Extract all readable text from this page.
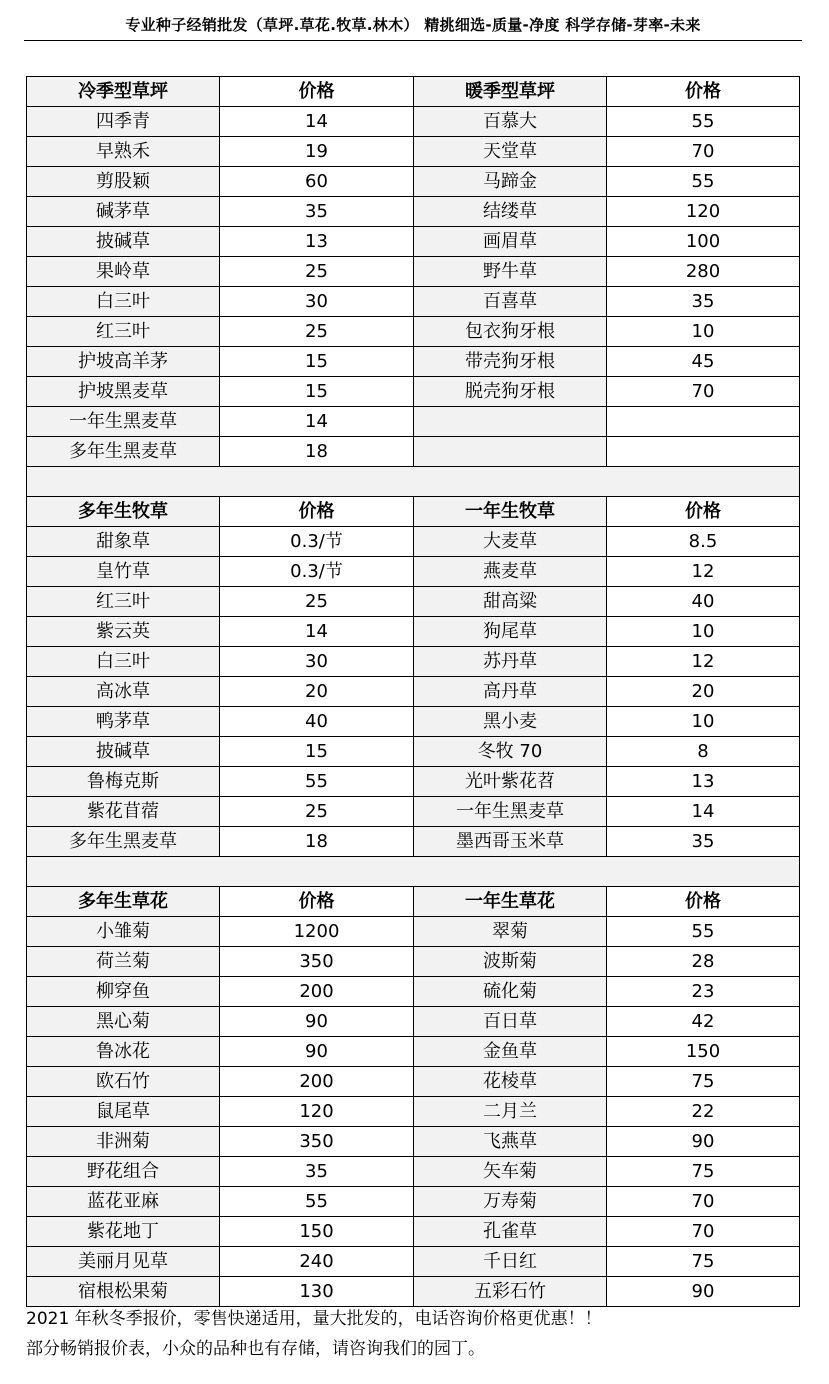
专业种子经销批发（草坪.草花.牧草.林木） 精挑细选-质量-净度 科学存储-芽率-未来
冷季型草坪	价格	暖季型草坪	价格
四季青	14	百慕大	55
早熟禾	19	天堂草	70
剪股颖	60	马蹄金	55
碱茅草	35	结缕草	120
披碱草	13	画眉草	100
果岭草	25	野牛草	280
白三叶	30	百喜草	35
红三叶	25	包衣狗牙根	10
护坡高羊茅	15	带壳狗牙根	45
护坡黑麦草	15	脱壳狗牙根	70
一年生黑麦草	14		
多年生黑麦草	18		

多年生牧草	价格	一年生牧草	价格
甜象草	0.3/节	大麦草	8.5
皇竹草	0.3/节	燕麦草	12
红三叶	25	甜高粱	40
紫云英	14	狗尾草	10
白三叶	30	苏丹草	12
高冰草	20	高丹草	20
鸭茅草	40	黑小麦	10
披碱草	15	冬牧 70	8
鲁梅克斯	55	光叶紫花苕	13
紫花苜蓿	25	一年生黑麦草	14
多年生黑麦草	18	墨西哥玉米草	35

多年生草花	价格	一年生草花	价格
小雏菊	1200	翠菊	55
荷兰菊	350	波斯菊	28
柳穿鱼	200	硫化菊	23
黑心菊	90	百日草	42
鲁冰花	90	金鱼草	150
欧石竹	200	花棱草	75
鼠尾草	120	二月兰	22
非洲菊	350	飞燕草	90
野花组合	35	矢车菊	75
蓝花亚麻	55	万寿菊	70
紫花地丁	150	孔雀草	70
美丽月见草	240	千日红	75
宿根松果菊	130	五彩石竹	90
2021 年秋冬季报价，零售快递适用，量大批发的，电话咨询价格更优惠！！
部分畅销报价表，小众的品种也有存储，请咨询我们的园丁。
